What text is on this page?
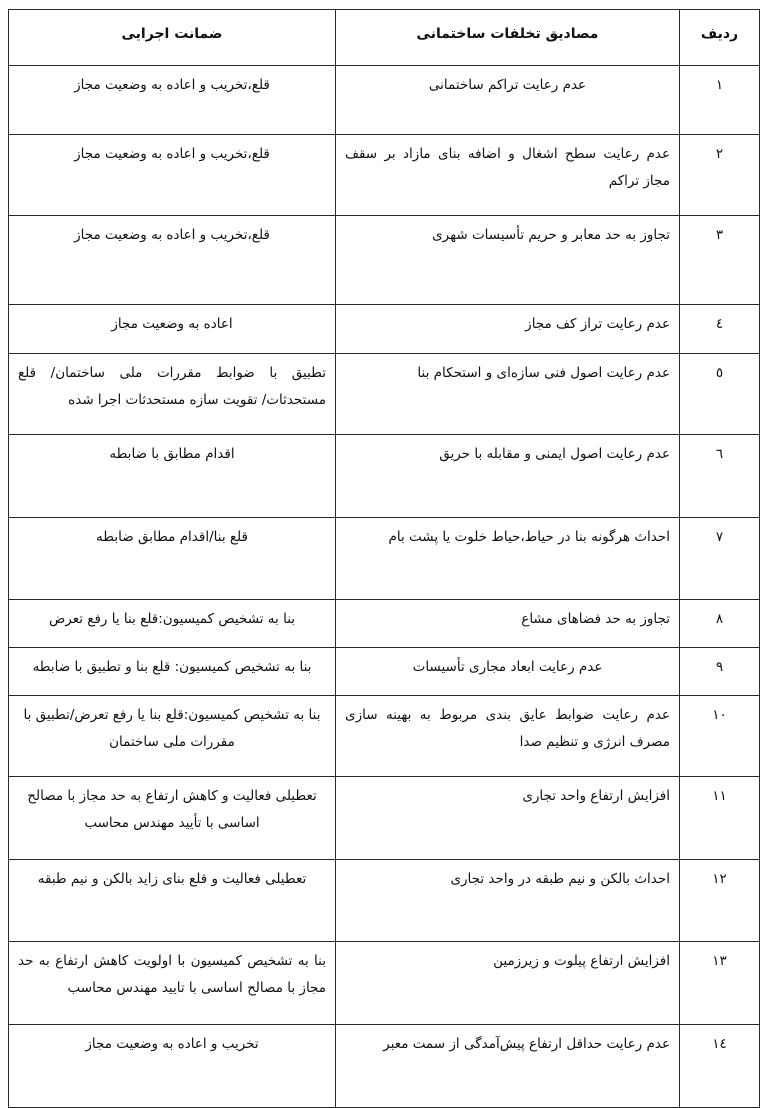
ردیف	مصادیق تخلفات ساختمانی	ضمانت اجرایی
۱	عدم رعایت تراکم ساختمانی	قلع،تخریب و اعاده به وضعیت مجاز
۲	عدم رعایت سطح اشغال و اضافه بنای مازاد بر سقف مجاز تراکم	قلع،تخریب و اعاده به وضعیت مجاز
۳	تجاوز به حد معابر و حریم تأسیسات شهری	قلع،تخریب و اعاده به وضعیت مجاز
٤	عدم رعایت تراز کف مجاز	اعاده به وضعیت مجاز
٥	عدم رعایت اصول فنی سازه‌ای و استحکام بنا	تطبیق با ضوابط مقررات ملی ساختمان/ قلع مستحدثات/ تقویت سازه مستحدثات اجرا شده
٦	عدم رعایت اصول ایمنی و مقابله با حریق	اقدام مطابق با ضابطه
۷	احداث هرگونه بنا در حیاط،حیاط خلوت یا پشت بام	قلع بنا/اقدام مطابق ضابطه
۸	تجاوز به حد فضاهای مشاع	بنا به تشخیص کمیسیون:قلع بنا یا رفع تعرض
۹	عدم رعایت ابعاد مجاری تأسیسات	بنا به تشخیص کمیسیون: قلع بنا و تطبیق با ضابطه
۱۰	عدم رعایت ضوابط عایق بندی مربوط به بهینه سازی مصرف انرژی و تنظیم صدا	بنا به تشخیص کمیسیون:قلع بنا یا رفع تعرض/تطبیق با مقررات ملی ساختمان
۱۱	افزایش ارتفاع واحد تجاری	تعطیلی فعالیت و کاهش ارتفاع به حد مجاز با مصالح اساسی با تأیید مهندس محاسب
۱۲	احداث بالکن و نیم طبقه در واحد تجاری	تعطیلی فعالیت و قلع بنای زاید بالکن و نیم طبقه
۱۳	افزایش ارتفاع پیلوت و زیرزمین	بنا به تشخیص کمیسیون با اولویت کاهش ارتفاع به حد مجاز با مصالح اساسی با تایید مهندس محاسب
١٤	عدم رعایت حداقل ارتفاع پیش‌آمدگی از سمت معبر	تخریب و اعاده به وضعیت مجاز
